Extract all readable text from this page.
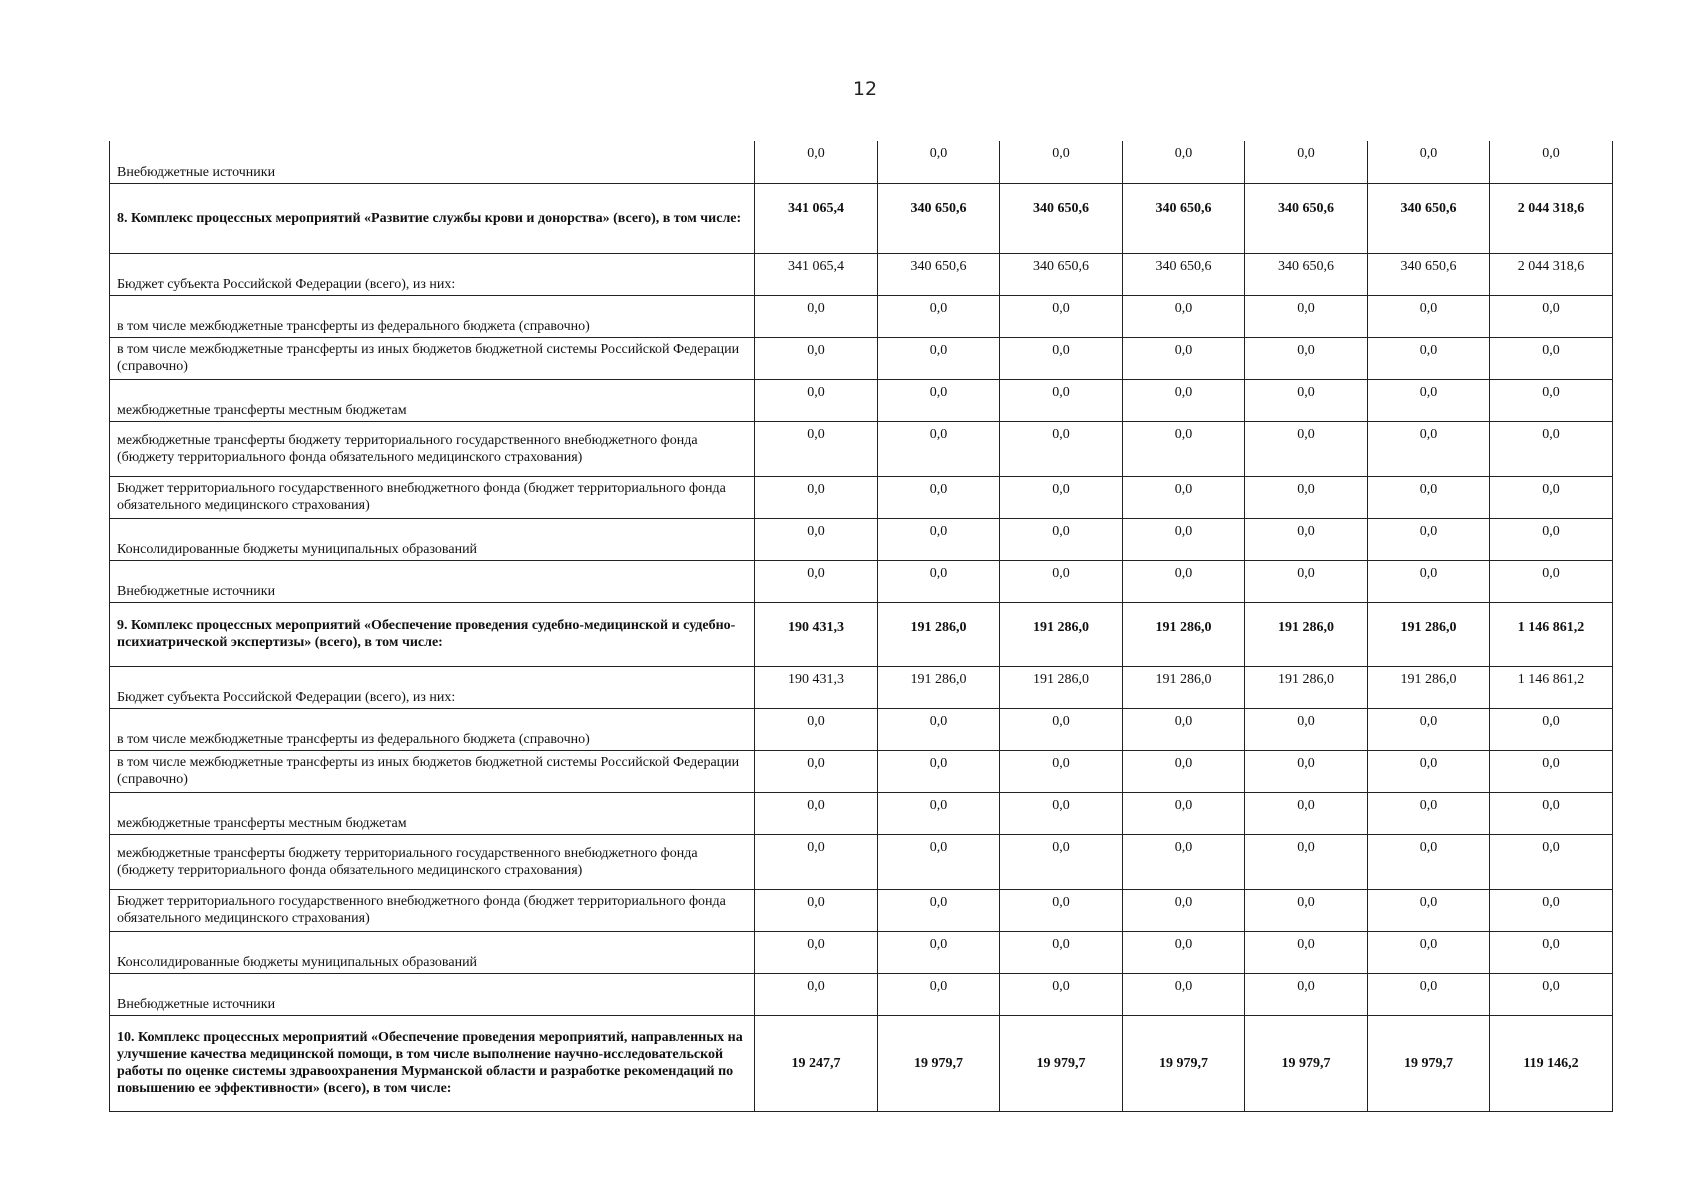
12
Внебюджетные источники	0,0	0,0	0,0	0,0	0,0	0,0	0,0
8. Комплекс процессных мероприятий «Развитие службы крови и донорства» (всего), в том числе:	341 065,4	340 650,6	340 650,6	340 650,6	340 650,6	340 650,6	2 044 318,6
Бюджет субъекта Российской Федерации (всего), из них:	341 065,4	340 650,6	340 650,6	340 650,6	340 650,6	340 650,6	2 044 318,6
в том числе межбюджетные трансферты из федерального бюджета (справочно)	0,0	0,0	0,0	0,0	0,0	0,0	0,0
в том числе межбюджетные трансферты из иных бюджетов бюджетной системы Российской Федерации (справочно)	0,0	0,0	0,0	0,0	0,0	0,0	0,0
межбюджетные трансферты местным бюджетам	0,0	0,0	0,0	0,0	0,0	0,0	0,0
межбюджетные трансферты бюджету территориального государственного внебюджетного фонда (бюджету территориального фонда обязательного медицинского страхования)	0,0	0,0	0,0	0,0	0,0	0,0	0,0
Бюджет территориального государственного внебюджетного фонда (бюджет территориального фонда обязательного медицинского страхования)	0,0	0,0	0,0	0,0	0,0	0,0	0,0
Консолидированные бюджеты муниципальных образований	0,0	0,0	0,0	0,0	0,0	0,0	0,0
Внебюджетные источники	0,0	0,0	0,0	0,0	0,0	0,0	0,0
9. Комплекс процессных мероприятий «Обеспечение проведения судебно-медицинской и судебно-психиатрической экспертизы» (всего), в том числе:	190 431,3	191 286,0	191 286,0	191 286,0	191 286,0	191 286,0	1 146 861,2
Бюджет субъекта Российской Федерации (всего), из них:	190 431,3	191 286,0	191 286,0	191 286,0	191 286,0	191 286,0	1 146 861,2
в том числе межбюджетные трансферты из федерального бюджета (справочно)	0,0	0,0	0,0	0,0	0,0	0,0	0,0
в том числе межбюджетные трансферты из иных бюджетов бюджетной системы Российской Федерации (справочно)	0,0	0,0	0,0	0,0	0,0	0,0	0,0
межбюджетные трансферты местным бюджетам	0,0	0,0	0,0	0,0	0,0	0,0	0,0
межбюджетные трансферты бюджету территориального государственного внебюджетного фонда (бюджету территориального фонда обязательного медицинского страхования)	0,0	0,0	0,0	0,0	0,0	0,0	0,0
Бюджет территориального государственного внебюджетного фонда (бюджет территориального фонда обязательного медицинского страхования)	0,0	0,0	0,0	0,0	0,0	0,0	0,0
Консолидированные бюджеты муниципальных образований	0,0	0,0	0,0	0,0	0,0	0,0	0,0
Внебюджетные источники	0,0	0,0	0,0	0,0	0,0	0,0	0,0
10. Комплекс процессных мероприятий «Обеспечение проведения мероприятий, направленных на улучшение качества медицинской помощи, в том числе выполнение научно-исследовательской работы по оценке системы здравоохранения Мурманской области и разработке рекомендаций по повышению ее эффективности» (всего), в том числе:	19 247,7	19 979,7	19 979,7	19 979,7	19 979,7	19 979,7	119 146,2
